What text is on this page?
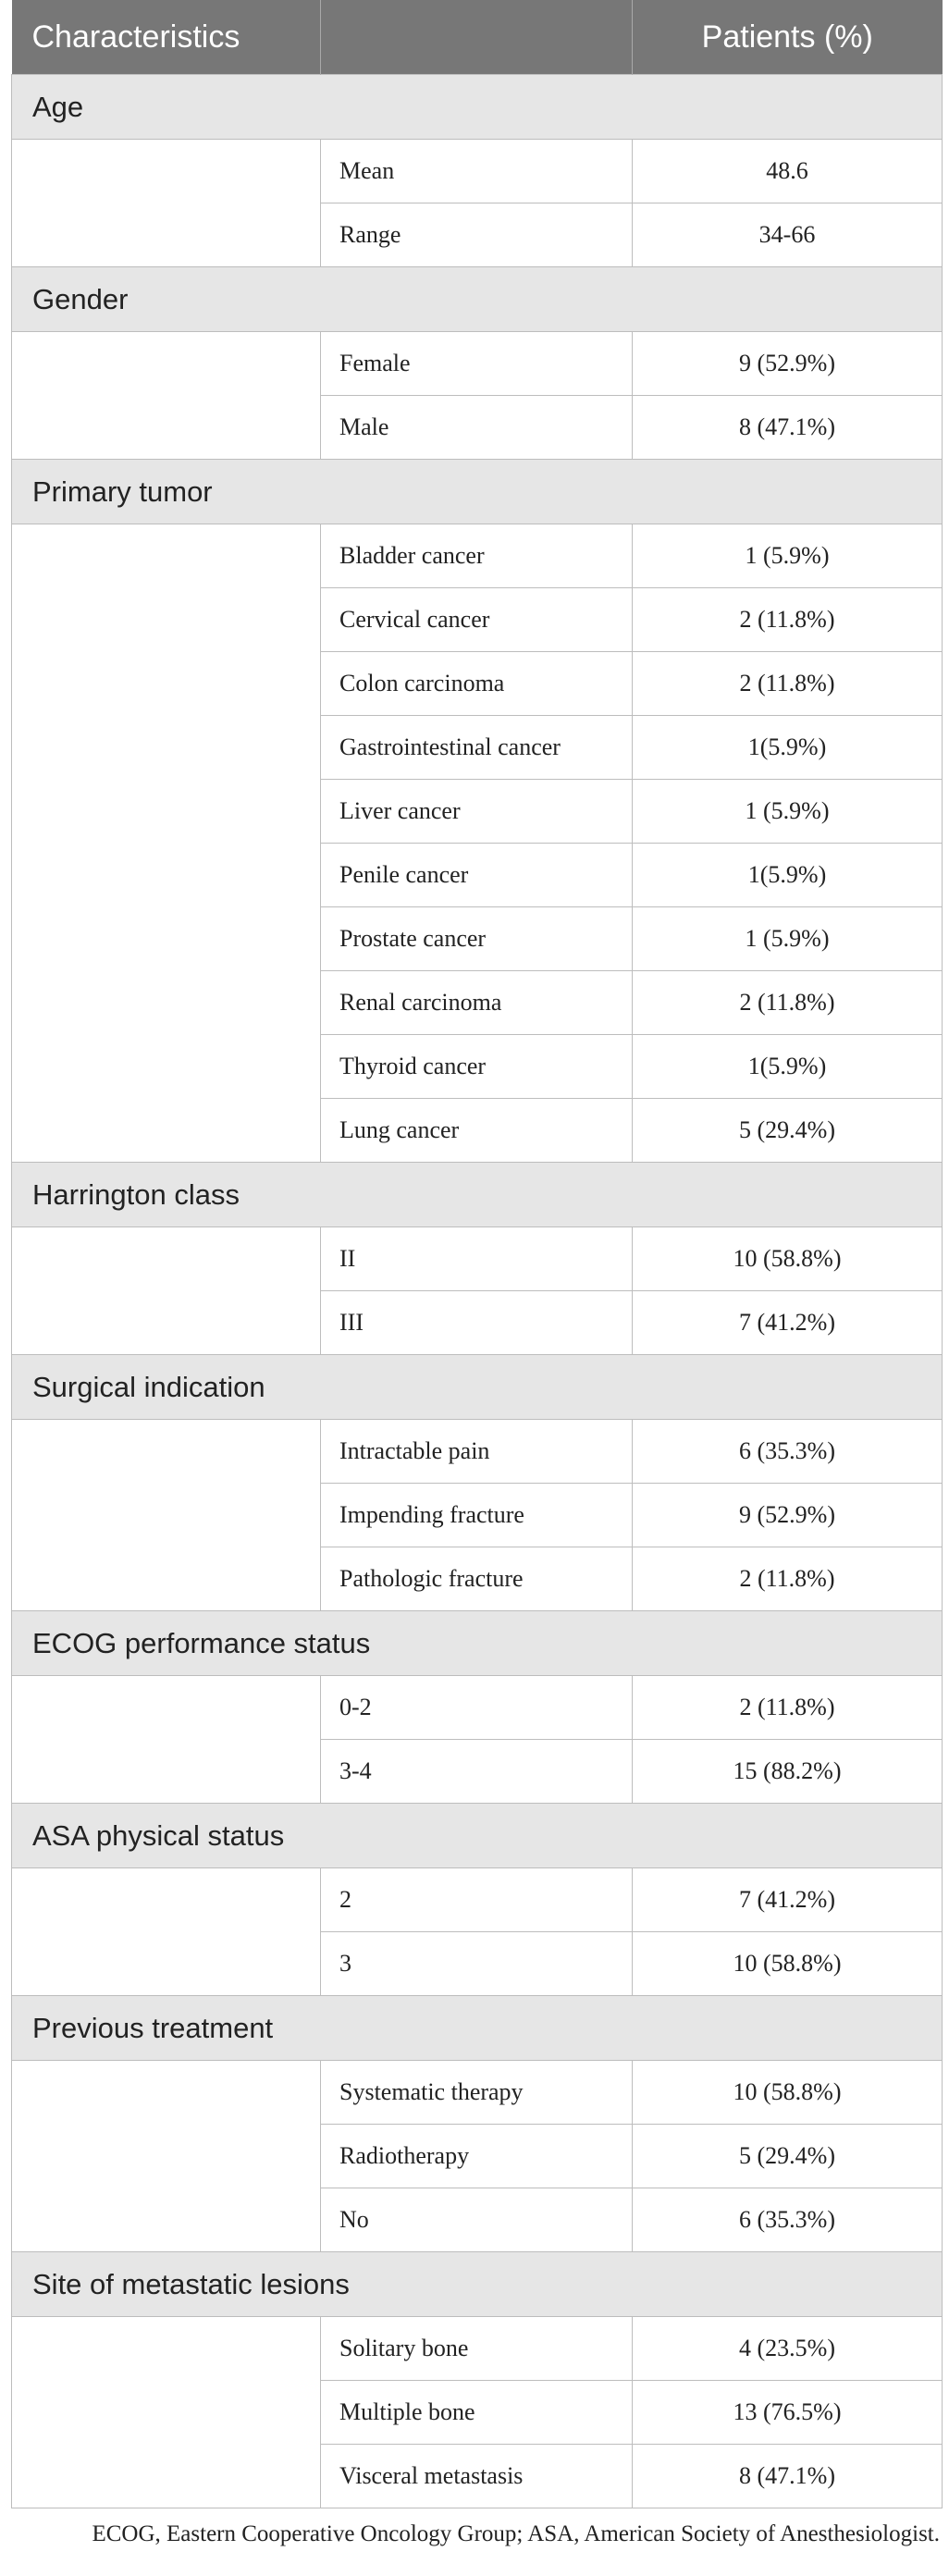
Characteristics		Patients (%)
Age		
	Mean	48.6
	Range	34-66
Gender		
	Female	9 (52.9%)
	Male	8 (47.1%)
Primary tumor		
	Bladder cancer	1 (5.9%)
	Cervical cancer	2 (11.8%)
	Colon carcinoma	2 (11.8%)
	Gastrointestinal cancer	1(5.9%)
	Liver cancer	1 (5.9%)
	Penile cancer	1(5.9%)
	Prostate cancer	1 (5.9%)
	Renal carcinoma	2 (11.8%)
	Thyroid cancer	1(5.9%)
	Lung cancer	5 (29.4%)
Harrington class		
	II	10 (58.8%)
	III	7 (41.2%)
Surgical indication		
	Intractable pain	6 (35.3%)
	Impending fracture	9 (52.9%)
	Pathologic fracture	2 (11.8%)
ECOG performance status		
	0-2	2 (11.8%)
	3-4	15 (88.2%)
ASA physical status		
	2	7 (41.2%)
	3	10 (58.8%)
Previous treatment		
	Systematic therapy	10 (58.8%)
	Radiotherapy	5 (29.4%)
	No	6 (35.3%)
Site of metastatic lesions		
	Solitary bone	4 (23.5%)
	Multiple bone	13 (76.5%)
	Visceral metastasis	8 (47.1%)
ECOG, Eastern Cooperative Oncology Group; ASA, American Society of Anesthesiologist.
